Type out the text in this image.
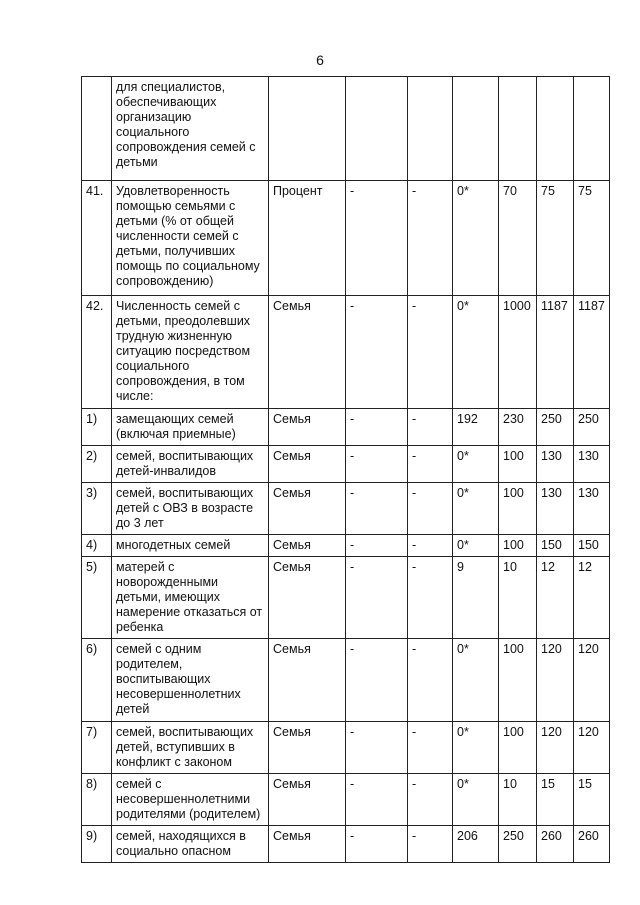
6
	для специалистов, обеспечивающих организацию социального сопровождения семей с детьми							
41.	Удовлетворенность помощью семьями с детьми (% от общей численности семей с детьми, получивших помощь по социальному сопровождению)	Процент	-	-	0*	70	75	75
42.	Численность семей с детьми, преодолевших трудную жизненную ситуацию посредством социального сопровождения, в том числе:	Семья	-	-	0*	1000	1187	1187
1)	замещающих семей (включая приемные)	Семья	-	-	192	230	250	250
2)	семей, воспитывающих детей-инвалидов	Семья	-	-	0*	100	130	130
3)	семей, воспитывающих детей с ОВЗ в возрасте до 3 лет	Семья	-	-	0*	100	130	130
4)	многодетных семей	Семья	-	-	0*	100	150	150
5)	матерей с новорожденными детьми, имеющих намерение отказаться от ребенка	Семья	-	-	9	10	12	12
6)	семей с одним родителем, воспитывающих несовершеннолетних детей	Семья	-	-	0*	100	120	120
7)	семей, воспитывающих детей, вступивших в конфликт с законом	Семья	-	-	0*	100	120	120
8)	семей с несовершеннолетними родителями (родителем)	Семья	-	-	0*	10	15	15
9)	семей, находящихся в социально опасном	Семья	-	-	206	250	260	260
